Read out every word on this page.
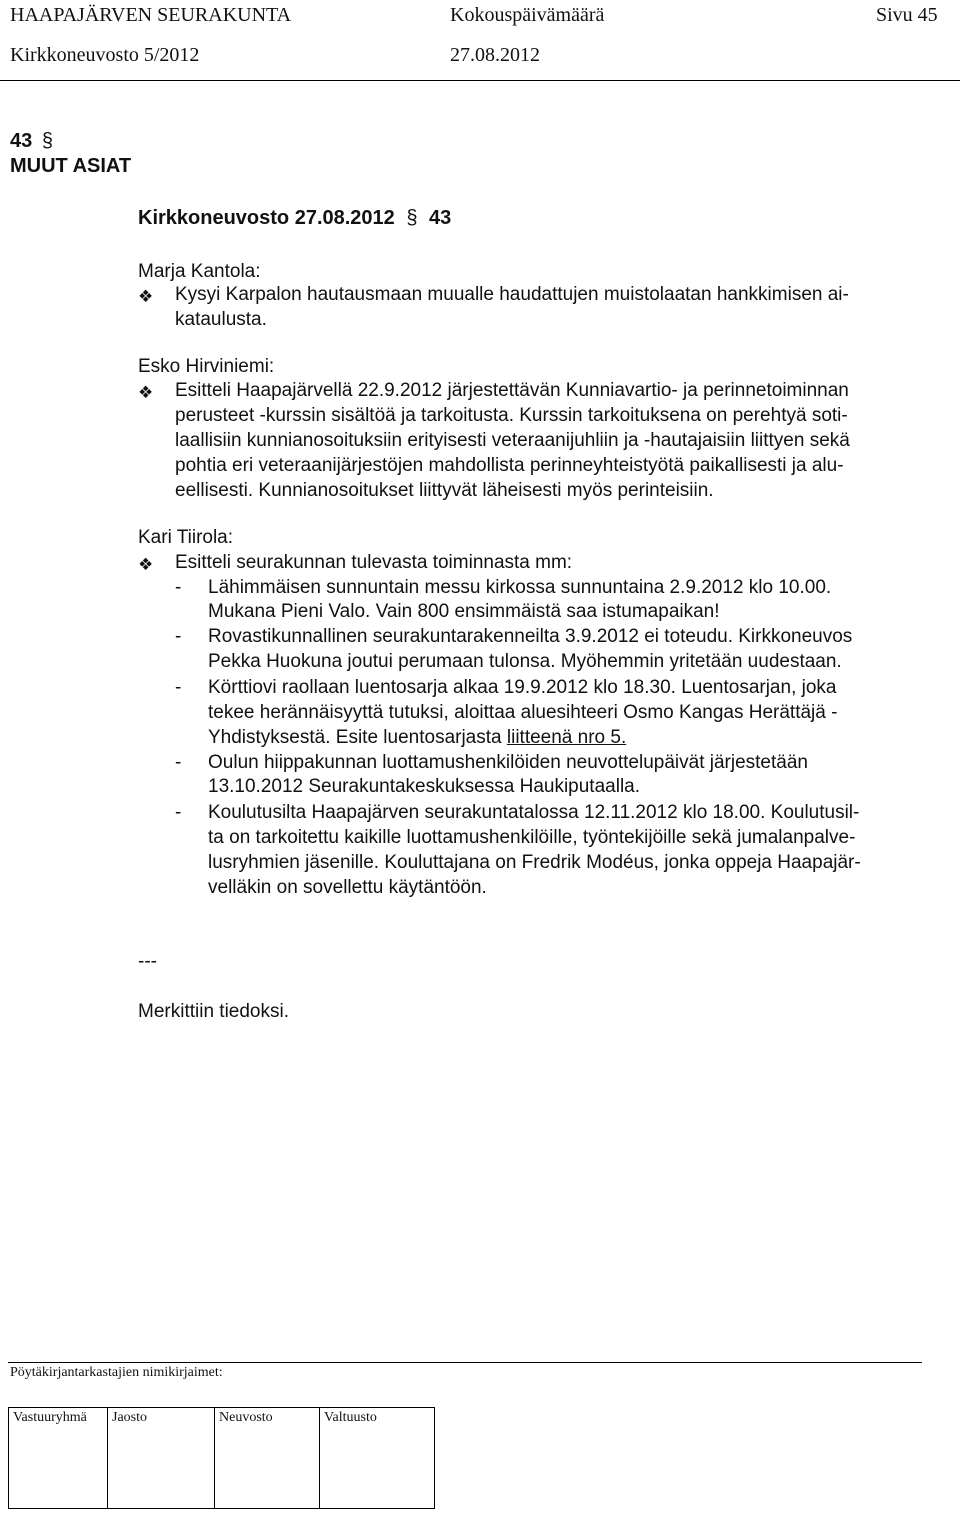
HAAPAJÄRVEN SEURAKUNTA	Kokouspäivämäärä	Sivu 45
Kirkkoneuvosto 5/2012	27.08.2012
43 §
MUUT ASIAT
Kirkkoneuvosto 27.08.2012 § 43
Marja Kantola:
❖ Kysyi Karpalon hautausmaan muualle haudattujen muistolaatan hankkimisen ai-
kataulusta.
Esko Hirviniemi:
❖ Esitteli Haapajärvellä 22.9.2012 järjestettävän Kunniavartio- ja perinnetoiminnan
perusteet -kurssin sisältöä ja tarkoitusta. Kurssin tarkoituksena on perehtyä soti-
laallisiin kunnianosoituksiin erityisesti veteraanijuhliin ja -hautajaisiin liittyen sekä
pohtia eri veteraanijärjestöjen mahdollista perinneyhteistyötä paikallisesti ja alu-
eellisesti. Kunnianosoitukset liittyvät läheisesti myös perinteisiin.
Kari Tiirola:
❖ Esitteli seurakunnan tulevasta toiminnasta mm:
- Lähimmäisen sunnuntain messu kirkossa sunnuntaina 2.9.2012 klo 10.00.
Mukana Pieni Valo. Vain 800 ensimmäistä saa istumapaikan!
- Rovastikunnallinen seurakuntarakenneilta 3.9.2012 ei toteudu. Kirkkoneuvos
Pekka Huokuna joutui perumaan tulonsa. Myöhemmin yritetään uudestaan.
- Körttiovi raollaan luentosarja alkaa 19.9.2012 klo 18.30. Luentosarjan, joka
tekee herännäisyyttä tutuksi, aloittaa aluesihteeri Osmo Kangas Herättäjä -
Yhdistyksestä. Esite luentosarjasta liitteenä nro 5.
- Oulun hiippakunnan luottamushenkilöiden neuvottelupäivät järjestetään
13.10.2012 Seurakuntakeskuksessa Haukiputaalla.
- Koulutusilta Haapajärven seurakuntatalossa 12.11.2012 klo 18.00. Koulutusil-
ta on tarkoitettu kaikille luottamushenkilöille, työntekijöille sekä jumalanpalve-
lusryhmien jäsenille. Kouluttajana on Fredrik Modéus, jonka oppeja Haapajär-
velläkin on sovellettu käytäntöön.
---
Merkittiin tiedoksi.
Pöytäkirjantarkastajien nimikirjaimet:
Vastuuryhmä	Jaosto	Neuvosto	Valtuusto
